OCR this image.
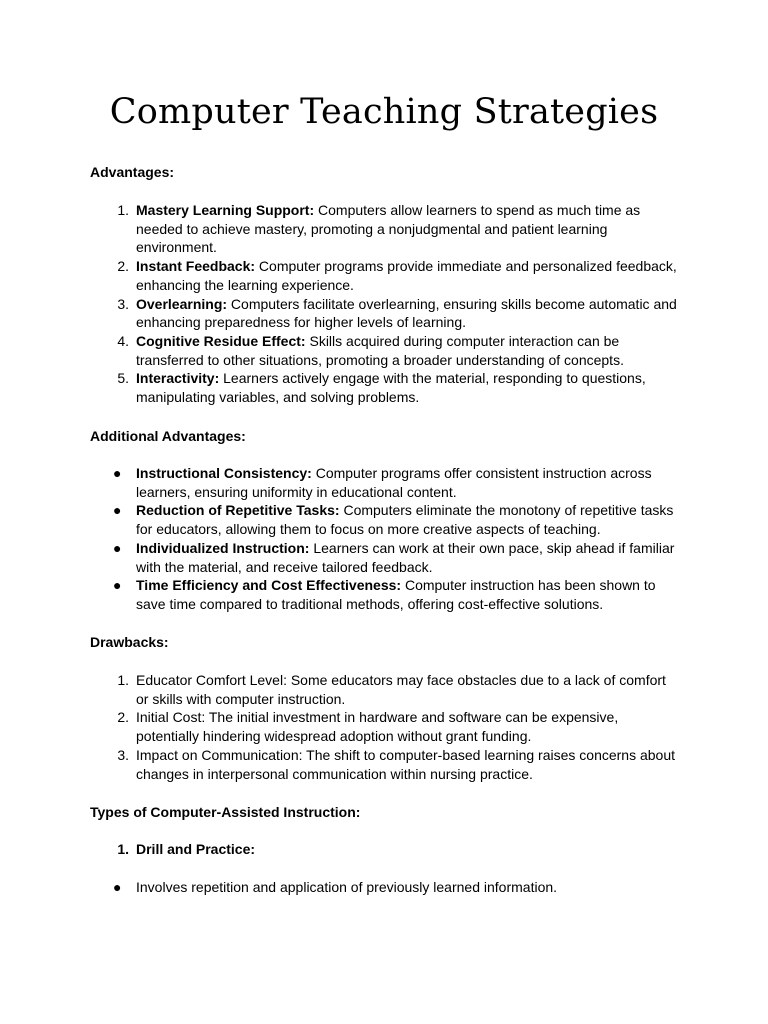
Computer Teaching Strategies

Advantages:

1. Mastery Learning Support: Computers allow learners to spend as much time as needed to achieve mastery, promoting a nonjudgmental and patient learning environment.
2. Instant Feedback: Computer programs provide immediate and personalized feedback, enhancing the learning experience.
3. Overlearning: Computers facilitate overlearning, ensuring skills become automatic and enhancing preparedness for higher levels of learning.
4. Cognitive Residue Effect: Skills acquired during computer interaction can be transferred to other situations, promoting a broader understanding of concepts.
5. Interactivity: Learners actively engage with the material, responding to questions, manipulating variables, and solving problems.

Additional Advantages:

● Instructional Consistency: Computer programs offer consistent instruction across learners, ensuring uniformity in educational content.
● Reduction of Repetitive Tasks: Computers eliminate the monotony of repetitive tasks for educators, allowing them to focus on more creative aspects of teaching.
● Individualized Instruction: Learners can work at their own pace, skip ahead if familiar with the material, and receive tailored feedback.
● Time Efficiency and Cost Effectiveness: Computer instruction has been shown to save time compared to traditional methods, offering cost-effective solutions.

Drawbacks:

1. Educator Comfort Level: Some educators may face obstacles due to a lack of comfort or skills with computer instruction.
2. Initial Cost: The initial investment in hardware and software can be expensive, potentially hindering widespread adoption without grant funding.
3. Impact on Communication: The shift to computer-based learning raises concerns about changes in interpersonal communication within nursing practice.

Types of Computer-Assisted Instruction:

1. Drill and Practice:
● Involves repetition and application of previously learned information.
